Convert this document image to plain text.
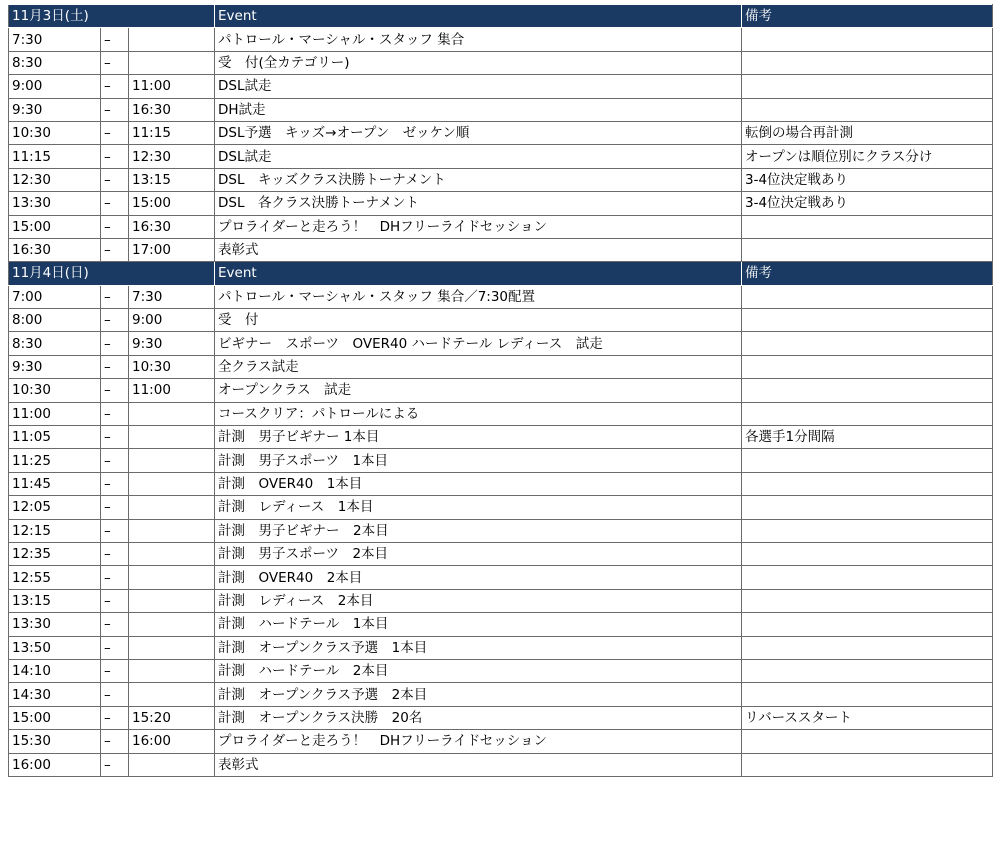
11月3日(土)			Event	備考
7:30	–		パトロール・マーシャル・スタッフ 集合	
8:30	–		受　付(全カテゴリー)	
9:00	–	11:00	DSL試走	
9:30	–	16:30	DH試走	
10:30	–	11:15	DSL予選　キッズ→オープン　ゼッケン順	転倒の場合再計測
11:15	–	12:30	DSL試走	オープンは順位別にクラス分け
12:30	–	13:15	DSL　キッズクラス決勝トーナメント	3-4位決定戦あり
13:30	–	15:00	DSL　各クラス決勝トーナメント	3-4位決定戦あり
15:00	–	16:30	プロライダーと走ろう！　DHフリーライドセッション	
16:30	–	17:00	表彰式	
11月4日(日)			Event	備考
7:00	–	7:30	パトロール・マーシャル・スタッフ 集合／7:30配置	
8:00	–	9:00	受　付	
8:30	–	9:30	ビギナー　スポーツ　OVER40 ハードテール レディース　試走	
9:30	–	10:30	全クラス試走	
10:30	–	11:00	オープンクラス　試走	
11:00	–		コースクリア：パトロールによる	
11:05	–		計測　男子ビギナー 1本目	各選手1分間隔
11:25	–		計測　男子スポーツ　1本目	
11:45	–		計測　OVER40　1本目	
12:05	–		計測　レディース　1本目	
12:15	–		計測　男子ビギナー　2本目	
12:35	–		計測　男子スポーツ　2本目	
12:55	–		計測　OVER40　2本目	
13:15	–		計測　レディース　2本目	
13:30	–		計測　ハードテール　1本目	
13:50	–		計測　オープンクラス予選　1本目	
14:10	–		計測　ハードテール　2本目	
14:30	–		計測　オープンクラス予選　2本目	
15:00	–	15:20	計測　オープンクラス決勝　20名	リバーススタート
15:30	–	16:00	プロライダーと走ろう！　DHフリーライドセッション	
16:00	–		表彰式	
